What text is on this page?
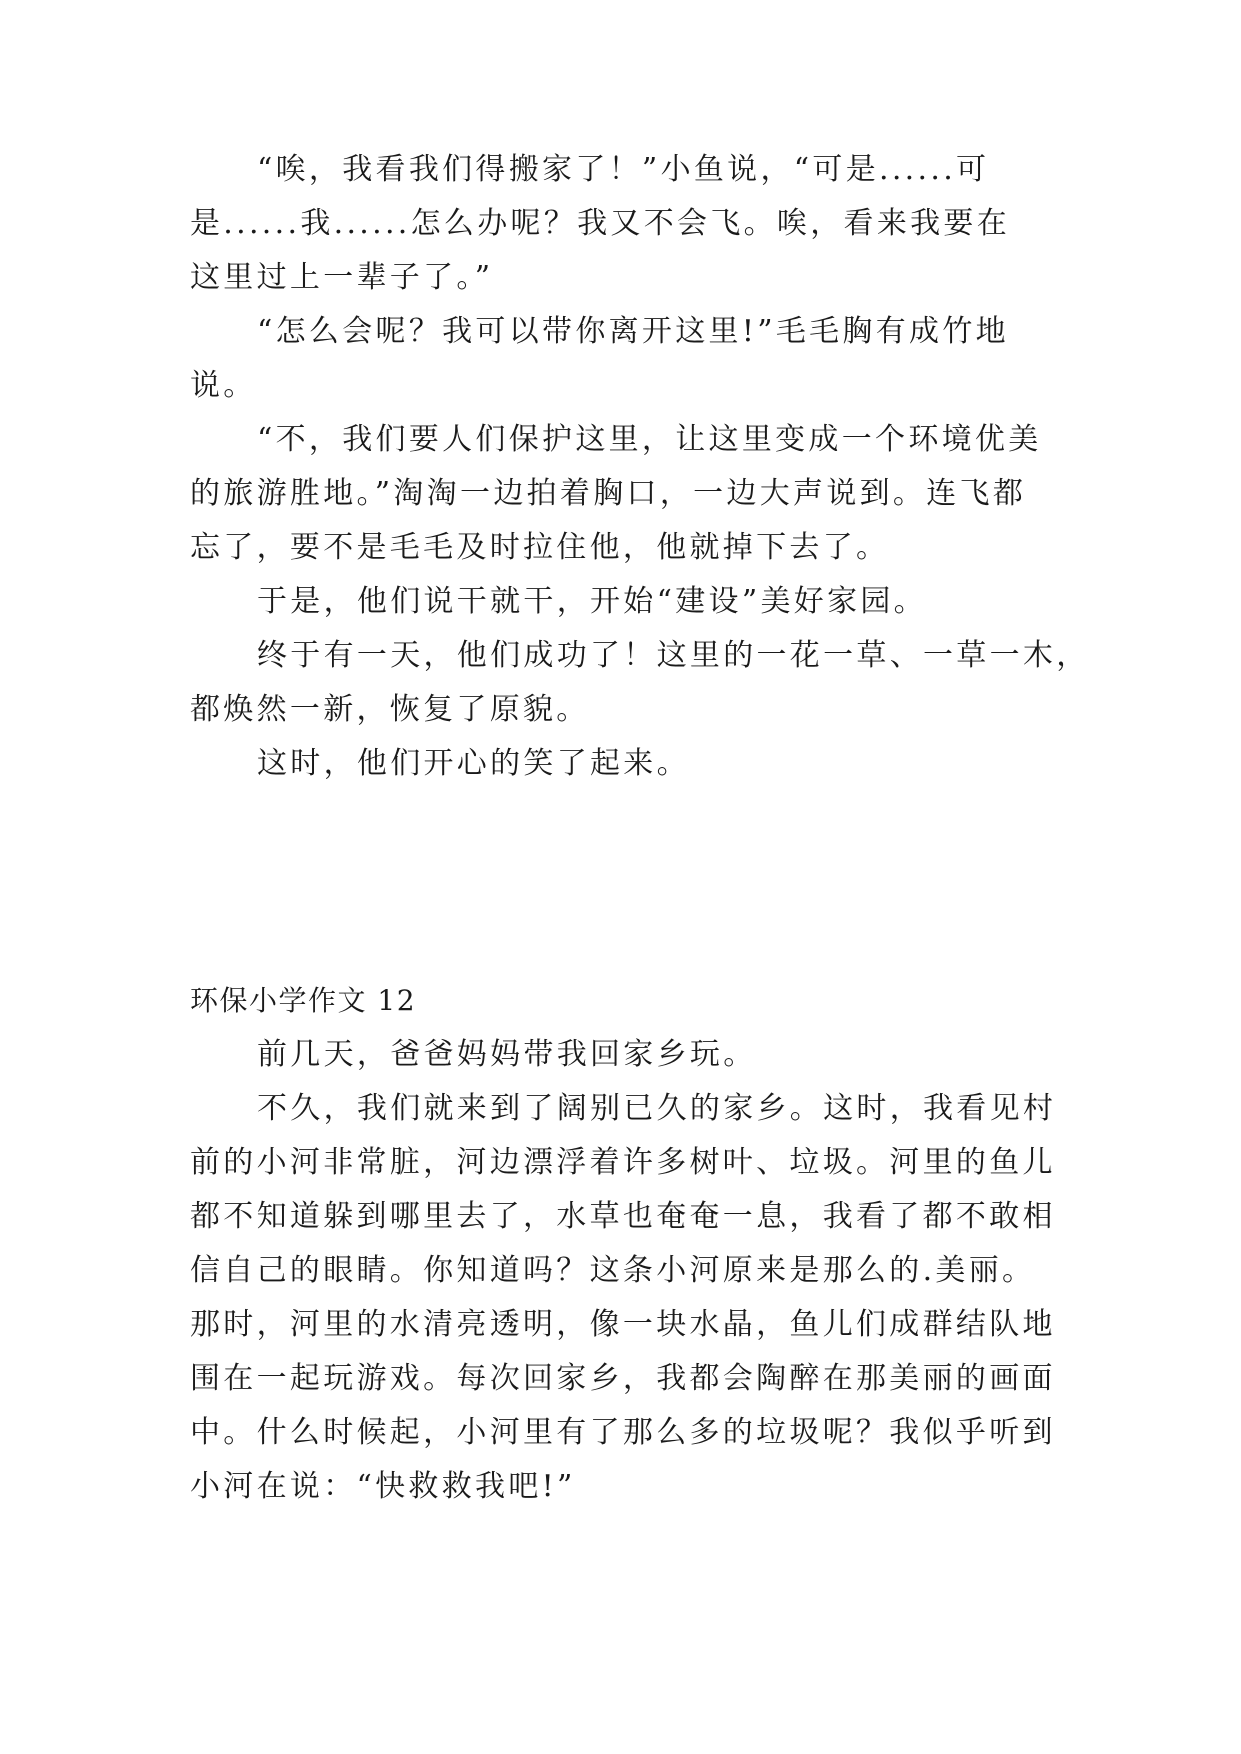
“唉，我看我们得搬家了！”小鱼说，“可是......可
是......我......怎么办呢？我又不会飞。唉，看来我要在
这里过上一辈子了。”
“怎么会呢？我可以带你离开这里!”毛毛胸有成竹地
说。
“不，我们要人们保护这里，让这里变成一个环境优美
的旅游胜地。”淘淘一边拍着胸口，一边大声说到。连飞都
忘了，要不是毛毛及时拉住他，他就掉下去了。
于是，他们说干就干，开始“建设”美好家园。
终于有一天，他们成功了！这里的一花一草、一草一木，
都焕然一新，恢复了原貌。
这时，他们开心的笑了起来。
环保小学作文 12
前几天，爸爸妈妈带我回家乡玩。
不久，我们就来到了阔别已久的家乡。这时，我看见村
前的小河非常脏，河边漂浮着许多树叶、垃圾。河里的鱼儿
都不知道躲到哪里去了，水草也奄奄一息，我看了都不敢相
信自己的眼睛。你知道吗？这条小河原来是那么的.美丽。
那时，河里的水清亮透明，像一块水晶，鱼儿们成群结队地
围在一起玩游戏。每次回家乡，我都会陶醉在那美丽的画面
中。什么时候起，小河里有了那么多的垃圾呢？我似乎听到
小河在说：“快救救我吧!”
